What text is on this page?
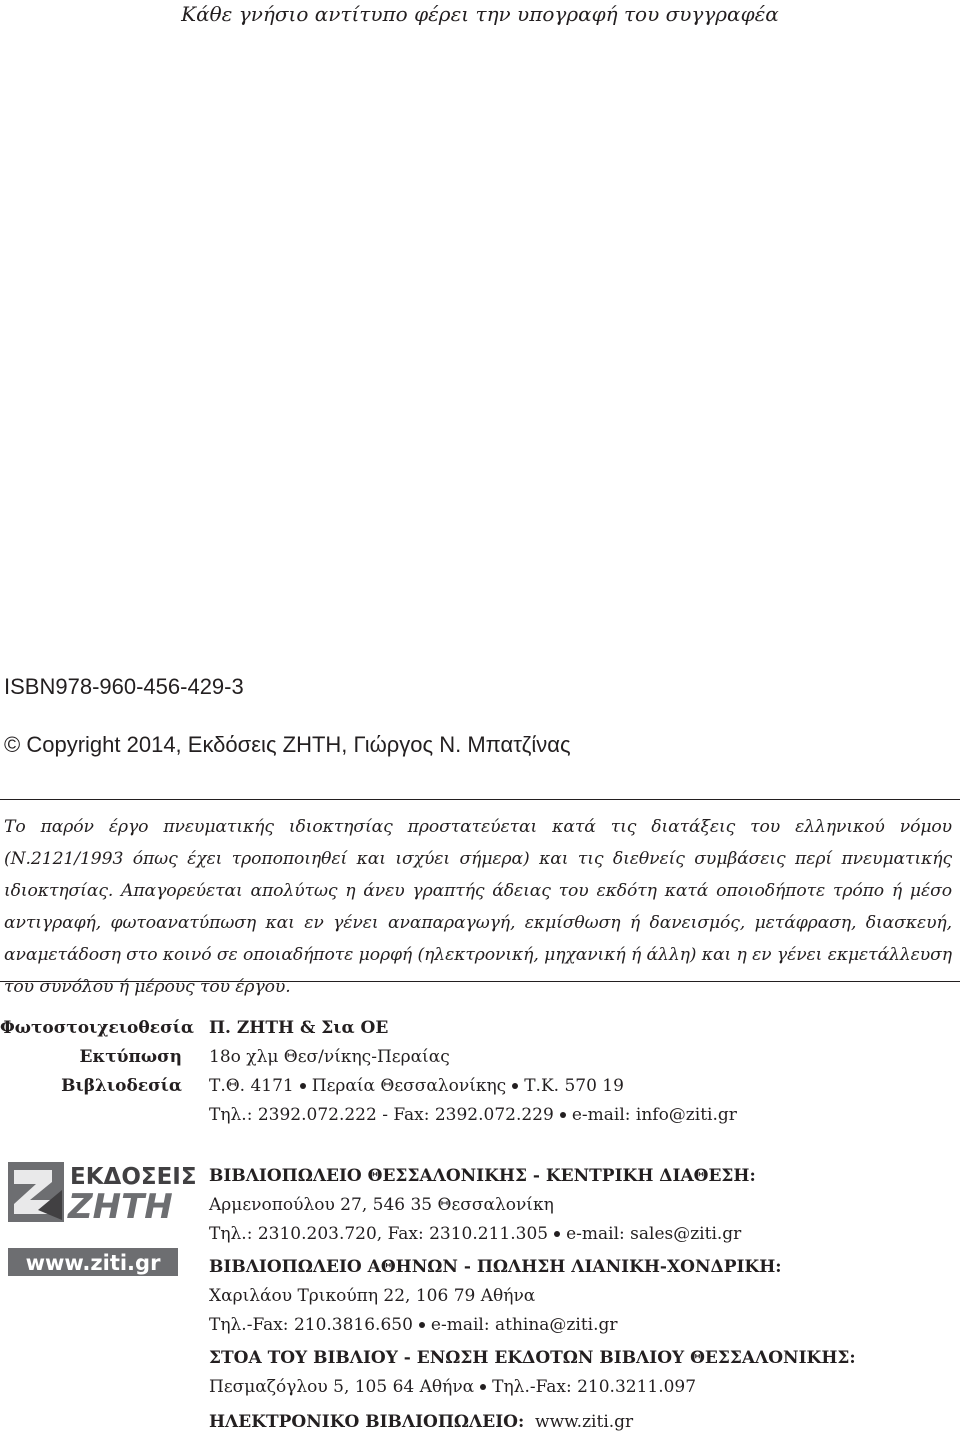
Κάθε γνήσιο αντίτυπο φέρει την υπογραφή του συγγραφέα
ISBN978-960-456-429-3
© Copyright 2014, Εκδόσεις ΖΗΤΗ, Γιώργος Ν. Μπατζίνας
Το παρόν έργο πνευματικής ιδιοκτησίας προστατεύεται κατά τις διατάξεις του ελληνικού νόμου (Ν.2121/1993 όπως έχει τροποποιηθεί και ισχύει σήμερα) και τις διεθνείς συμβάσεις περί πνευματικής ιδιοκτησίας. Απαγορεύεται απολύτως η άνευ γραπτής άδειας του εκδότη κατά οποιοδήποτε τρόπο ή μέσο αντιγραφή, φωτοανατύπωση και εν γένει αναπαραγωγή, εκμίσθωση ή δανεισμός, μετάφραση, διασκευή, αναμετάδοση στο κοινό σε οποιαδήποτε μορφή (ηλεκτρονική, μηχανική ή άλλη) και η εν γένει εκμετάλλευση του συνόλου ή μέρους του έργου.
Φωτοστοιχειοθεσία
Εκτύπωση
Βιβλιοδεσία
Π. ΖΗΤΗ & Σια ΟΕ
18ο χλμ Θεσ/νίκης-Περαίας
Τ.Θ. 4171 Περαία Θεσσαλονίκης Τ.Κ. 570 19
Τηλ.: 2392.072.222 - Fax: 2392.072.229 e-mail: info@ziti.gr
ΕΚΔΟΣΕΙΣ
ΖΗΤΗ
www.ziti.gr
ΒΙΒΛΙΟΠΩΛΕΙΟ ΘΕΣΣΑΛΟΝΙΚΗΣ - ΚΕΝΤΡΙΚΗ ΔΙΑΘΕΣΗ:
Αρμενοπούλου 27, 546 35 Θεσσαλονίκη
Τηλ.: 2310.203.720, Fax: 2310.211.305 e-mail: sales@ziti.gr
ΒΙΒΛΙΟΠΩΛΕΙΟ ΑΘΗΝΩΝ - ΠΩΛΗΣΗ ΛΙΑΝΙΚΗ-ΧΟΝΔΡΙΚΗ:
Χαριλάου Τρικούπη 22, 106 79 Αθήνα
Τηλ.-Fax: 210.3816.650 e-mail: athina@ziti.gr
ΣΤΟΑ ΤΟΥ ΒΙΒΛΙΟΥ - ΕΝΩΣΗ ΕΚΔΟΤΩΝ ΒΙΒΛΙΟΥ ΘΕΣΣΑΛΟΝΙΚΗΣ:
Πεσμαζόγλου 5, 105 64 Αθήνα Τηλ.-Fax: 210.3211.097
ΗΛΕΚΤΡΟΝΙΚΟ ΒΙΒΛΙΟΠΩΛΕΙΟ: www.ziti.gr
